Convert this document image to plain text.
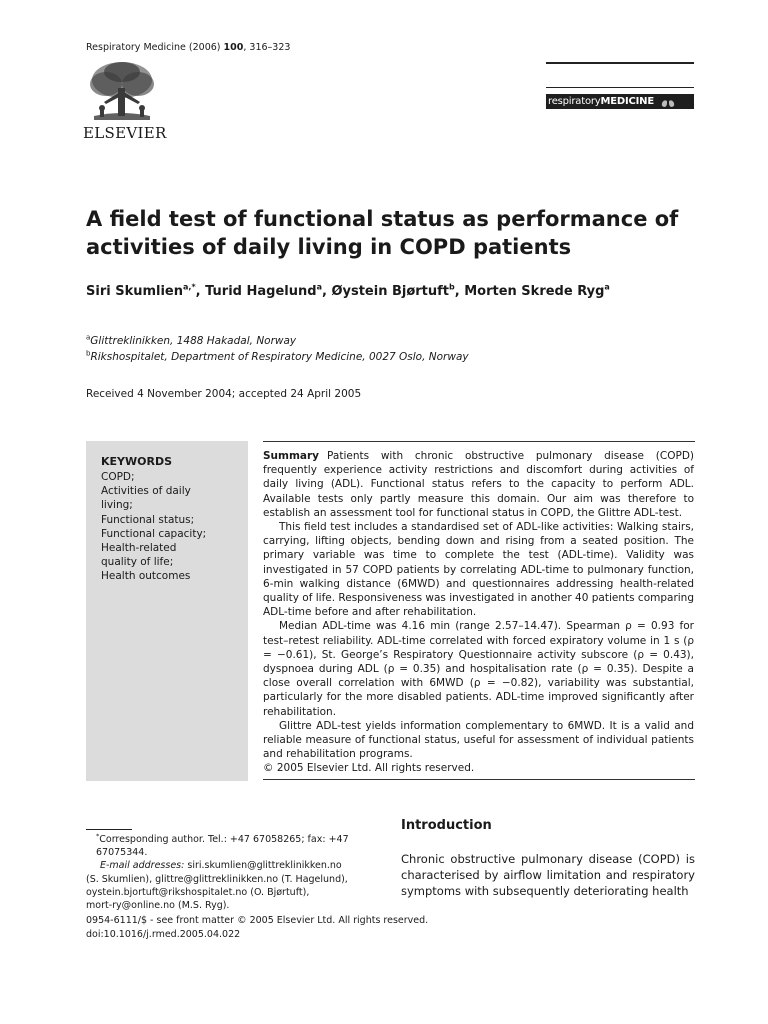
Respiratory Medicine (2006) 100, 316–323
ELSEVIER
respiratory MEDICINE
A field test of functional status as performance of activities of daily living in COPD patients
Siri Skumlien$^{a,*}$, Turid Hagelund$^a$, Øystein Bjørtuft$^b$, Morten Skrede Ryg$^a$
$^a$Glittreklinikken, 1488 Hakadal, Norway
$^b$Rikshospitalet, Department of Respiratory Medicine, 0027 Oslo, Norway
Received 4 November 2004; accepted 24 April 2005
KEYWORDS
COPD;
Activities of daily
living;
Functional status;
Functional capacity;
Health-related
quality of life;
Health outcomes

Summary Patients with chronic obstructive pulmonary disease (COPD) frequently experience activity restrictions and discomfort during activities of daily living (ADL). Functional status refers to the capacity to perform ADL. Available tests only partly measure this domain. Our aim was therefore to establish an assessment tool for functional status in COPD, the Glittre ADL-test.

This field test includes a standardised set of ADL-like activities: Walking stairs, carrying, lifting objects, bending down and rising from a seated position. The primary variable was time to complete the test (ADL-time). Validity was investigated in 57 COPD patients by correlating ADL-time to pulmonary function, 6-min walking distance (6MWD) and questionnaires addressing health-related quality of life. Responsiveness was investigated in another 40 patients comparing ADL-time before and after rehabilitation.

Median ADL-time was 4.16 min (range 2.57–14.47). Spearman ρ = 0.93 for test–retest reliability. ADL-time correlated with forced expiratory volume in 1 s (ρ = −0.61), St. George’s Respiratory Questionnaire activity subscore (ρ = 0.43), dyspnoea during ADL (ρ = 0.35) and hospitalisation rate (ρ = 0.35). Despite a close overall correlation with 6MWD (ρ = −0.82), variability was substantial, particularly for the more disabled patients. ADL-time improved significantly after rehabilitation.

Glittre ADL-test yields information complementary to 6MWD. It is a valid and reliable measure of functional status, useful for assessment of individual patients and rehabilitation programs.

© 2005 Elsevier Ltd. All rights reserved.

Introduction
Chronic obstructive pulmonary disease (COPD) is characterised by airflow limitation and respiratory symptoms with subsequently deteriorating health
*Corresponding author. Tel.: +47 67058265; fax: +47 67075344.
E-mail addresses: siri.skumlien@glittreklinikken.no
(S. Skumlien), glittre@glittreklinikken.no (T. Hagelund),
oystein.bjortuft@rikshospitalet.no (O. Bjørtuft),
mort-ry@online.no (M.S. Ryg).
0954-6111/$ - see front matter © 2005 Elsevier Ltd. All rights reserved.
doi:10.1016/j.rmed.2005.04.022
